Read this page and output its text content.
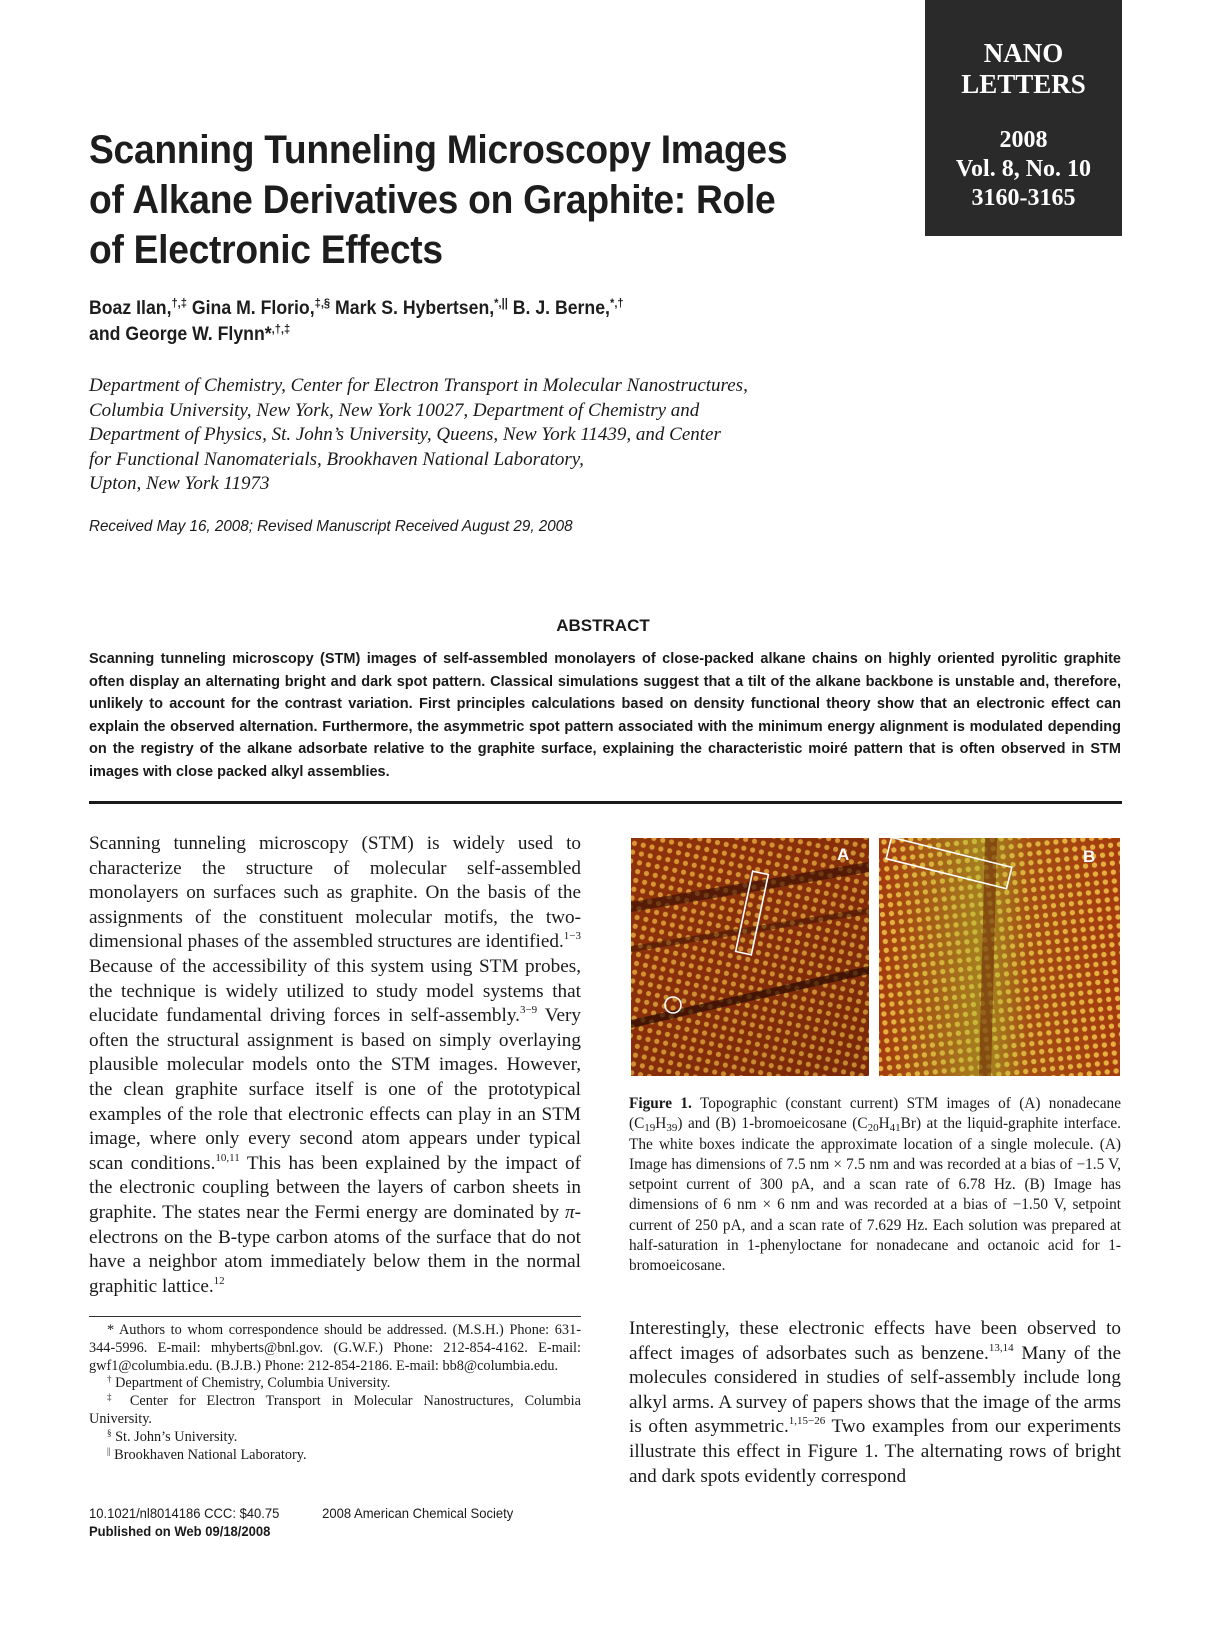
NANO
LETTERS
2008
Vol. 8, No. 10
3160-3165
Scanning Tunneling Microscopy Images
of Alkane Derivatives on Graphite: Role
of Electronic Effects
Boaz Ilan,†,‡ Gina M. Florio,‡,§ Mark S. Hybertsen,*,|| B. J. Berne,*,†
and George W. Flynn*,†,‡
Department of Chemistry, Center for Electron Transport in Molecular Nanostructures,
Columbia University, New York, New York 10027, Department of Chemistry and
Department of Physics, St. John’s University, Queens, New York 11439, and Center
for Functional Nanomaterials, Brookhaven National Laboratory,
Upton, New York 11973
Received May 16, 2008; Revised Manuscript Received August 29, 2008
ABSTRACT
Scanning tunneling microscopy (STM) images of self-assembled monolayers of close-packed alkane chains on highly oriented pyrolitic graphite often display an alternating bright and dark spot pattern. Classical simulations suggest that a tilt of the alkane backbone is unstable and, therefore, unlikely to account for the contrast variation. First principles calculations based on density functional theory show that an electronic effect can explain the observed alternation. Furthermore, the asymmetric spot pattern associated with the minimum energy alignment is modulated depending on the registry of the alkane adsorbate relative to the graphite surface, explaining the characteristic moiré pattern that is often observed in STM images with close packed alkyl assemblies.
Scanning tunneling microscopy (STM) is widely used to characterize the structure of molecular self-assembled monolayers on surfaces such as graphite. On the basis of the assignments of the constituent molecular motifs, the two-dimensional phases of the assembled structures are identified.$^{1-3}$ Because of the accessibility of this system using STM probes, the technique is widely utilized to study model systems that elucidate fundamental driving forces in self-assembly.$^{3-9}$ Very often the structural assignment is based on simply overlaying plausible molecular models onto the STM images. However, the clean graphite surface itself is one of the prototypical examples of the role that electronic effects can play in an STM image, where only every second atom appears under typical scan conditions.$^{10,11}$ This has been explained by the impact of the electronic coupling between the layers of carbon sheets in graphite. The states near the Fermi energy are dominated by π-electrons on the B-type carbon atoms of the surface that do not have a neighbor atom immediately below them in the normal graphitic lattice.$^{12}$
* Authors to whom correspondence should be addressed. (M.S.H.) Phone: 631-344-5996. E-mail: mhyberts@bnl.gov. (G.W.F.) Phone: 212-854-4162. E-mail: gwf1@columbia.edu. (B.J.B.) Phone: 212-854-2186. E-mail: bb8@columbia.edu.
† Department of Chemistry, Columbia University.
‡ Center for Electron Transport in Molecular Nanostructures, Columbia University.
§ St. John’s University.
|| Brookhaven National Laboratory.
10.1021/nl8014186 CCC: $40.75	2008 American Chemical Society
Published on Web 09/18/2008
A	B
Figure 1. Topographic (constant current) STM images of (A) nonadecane $(C_{19}H_{39})$ and (B) 1-bromoeicosane $(C_{20}H_{41}Br)$ at the liquid-graphite interface. The white boxes indicate the approximate location of a single molecule. (A) Image has dimensions of 7.5 nm × 7.5 nm and was recorded at a bias of −1.5 V, setpoint current of 300 pA, and a scan rate of 6.78 Hz. (B) Image has dimensions of 6 nm × 6 nm and was recorded at a bias of −1.50 V, setpoint current of 250 pA, and a scan rate of 7.629 Hz. Each solution was prepared at half-saturation in 1-phenyloctane for nonadecane and octanoic acid for 1-bromoeicosane.
Interestingly, these electronic effects have been observed to affect images of adsorbates such as benzene.$^{13,14}$ Many of the molecules considered in studies of self-assembly include long alkyl arms. A survey of papers shows that the image of the arms is often asymmetric.$^{1,15-26}$ Two examples from our experiments illustrate this effect in Figure 1. The alternating rows of bright and dark spots evidently correspond
